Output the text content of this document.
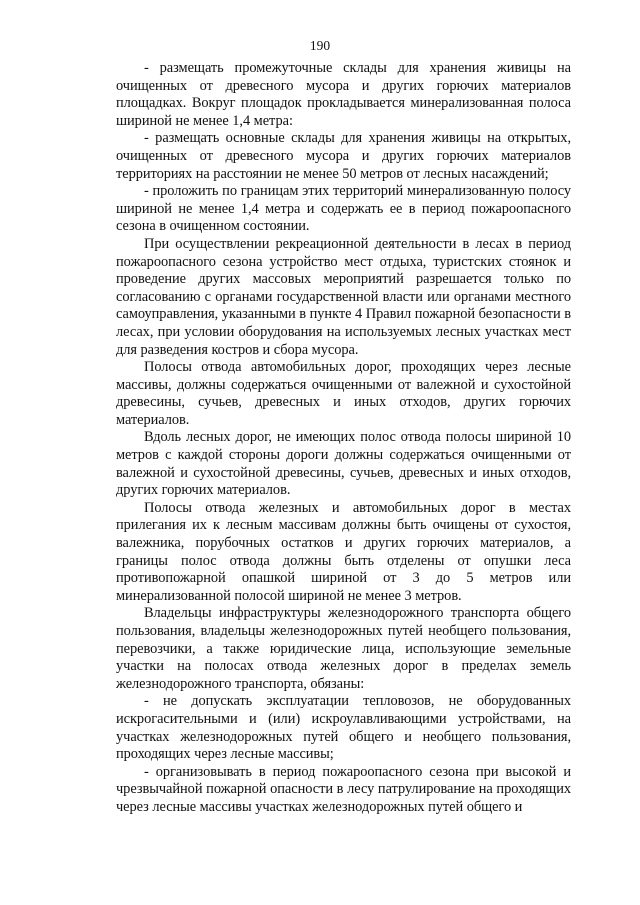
190

- размещать промежуточные склады для хранения живицы на очищенных от древесного мусора и других горючих материалов площадках. Вокруг площадок прокладывается минерализованная полоса шириной не менее 1,4 метра:

- размещать основные склады для хранения живицы на открытых, очищенных от древесного мусора и других горючих материалов территориях на расстоянии не менее 50 метров от лесных насаждений;

- проложить по границам этих территорий минерализованную полосу шириной не менее 1,4 метра и содержать ее в период пожароопасного сезона в очищенном состоянии.

При осуществлении рекреационной деятельности в лесах в период пожароопасного сезона устройство мест отдыха, туристских стоянок и проведение других массовых мероприятий разрешается только по согласованию с органами государственной власти или органами местного самоуправления, указанными в пункте 4 Правил пожарной безопасности в лесах, при условии оборудования на используемых лесных участках мест для разведения костров и сбора мусора.

Полосы отвода автомобильных дорог, проходящих через лесные массивы, должны содержаться очищенными от валежной и сухостойной древесины, сучьев, древесных и иных отходов, других горючих материалов.

Вдоль лесных дорог, не имеющих полос отвода полосы шириной 10 метров с каждой стороны дороги должны содержаться очищенными от валежной и сухостойной древесины, сучьев, древесных и иных отходов, других горючих материалов.

Полосы отвода железных и автомобильных дорог в местах прилегания их к лесным массивам должны быть очищены от сухостоя, валежника, порубочных остатков и других горючих материалов, а границы полос отвода должны быть отделены от опушки леса противопожарной опашкой шириной от 3 до 5 метров или минерализованной полосой шириной не менее 3 метров.

Владельцы инфраструктуры железнодорожного транспорта общего пользования, владельцы железнодорожных путей необщего пользования, перевозчики, а также юридические лица, использующие земельные участки на полосах отвода железных дорог в пределах земель железнодорожного транспорта, обязаны:

- не допускать эксплуатации тепловозов, не оборудованных искрогасительными и (или) искроулавливающими устройствами, на участках железнодорожных путей общего и необщего пользования, проходящих через лесные массивы;

- организовывать в период пожароопасного сезона при высокой и чрезвычайной пожарной опасности в лесу патрулирование на проходящих через лесные массивы участках железнодорожных путей общего и
